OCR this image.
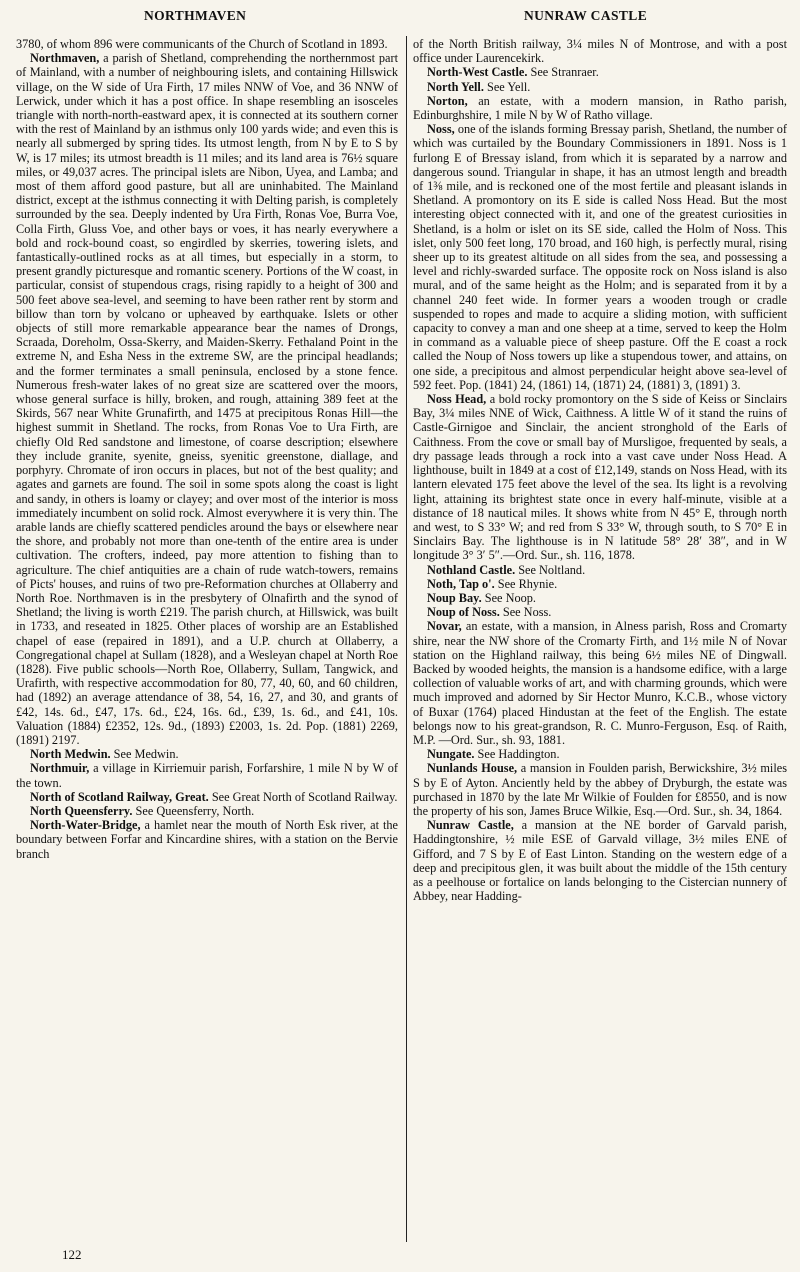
NORTHMAVEN	NUNRAW CASTLE

3780, of whom 896 were communicants of the Church of Scotland in 1893.

Northmaven, a parish of Shetland, comprehending the northernmost part of Mainland, with a number of neighbouring islets, and containing Hillswick village, on the W side of Ura Firth, 17 miles NNW of Voe, and 36 NNW of Lerwick, under which it has a post office. In shape resembling an isosceles triangle with north-north-eastward apex, it is connected at its southern corner with the rest of Mainland by an isthmus only 100 yards wide; and even this is nearly all submerged by spring tides. Its utmost length, from N by E to S by W, is 17 miles; its utmost breadth is 11 miles; and its land area is 76½ square miles, or 49,037 acres. The principal islets are Nibon, Uyea, and Lamba; and most of them afford good pasture, but all are uninhabited. The Mainland district, except at the isthmus connecting it with Delting parish, is completely surrounded by the sea. Deeply indented by Ura Firth, Ronas Voe, Burra Voe, Colla Firth, Gluss Voe, and other bays or voes, it has nearly everywhere a bold and rock-bound coast, so engirdled by skerries, towering islets, and fantastically-outlined rocks as at all times, but especially in a storm, to present grandly picturesque and romantic scenery. Portions of the W coast, in particular, consist of stupendous crags, rising rapidly to a height of 300 and 500 feet above sea-level, and seeming to have been rather rent by storm and billow than torn by volcano or upheaved by earthquake. Islets or other objects of still more remarkable appearance bear the names of Drongs, Scraada, Doreholm, Ossa-Skerry, and Maiden-Skerry. Fethaland Point in the extreme N, and Esha Ness in the extreme SW, are the principal headlands; and the former terminates a small peninsula, enclosed by a stone fence. Numerous fresh-water lakes of no great size are scattered over the moors, whose general surface is hilly, broken, and rough, attaining 389 feet at the Skirds, 567 near White Grunafirth, and 1475 at precipitous Ronas Hill—the highest summit in Shetland. The rocks, from Ronas Voe to Ura Firth, are chiefly Old Red sandstone and limestone, of coarse description; elsewhere they include granite, syenite, gneiss, syenitic greenstone, diallage, and porphyry. Chromate of iron occurs in places, but not of the best quality; and agates and garnets are found. The soil in some spots along the coast is light and sandy, in others is loamy or clayey; and over most of the interior is moss immediately incumbent on solid rock. Almost everywhere it is very thin. The arable lands are chiefly scattered pendicles around the bays or elsewhere near the shore, and probably not more than one-tenth of the entire area is under cultivation. The crofters, indeed, pay more attention to fishing than to agriculture. The chief antiquities are a chain of rude watch-towers, remains of Picts' houses, and ruins of two pre-Reformation churches at Ollaberry and North Roe. Northmaven is in the presbytery of Olnafirth and the synod of Shetland; the living is worth £219. The parish church, at Hillswick, was built in 1733, and reseated in 1825. Other places of worship are an Established chapel of ease (repaired in 1891), and a U.P. church at Ollaberry, a Congregational chapel at Sullam (1828), and a Wesleyan chapel at North Roe (1828). Five public schools—North Roe, Ollaberry, Sullam, Tangwick, and Urafirth, with respective accommodation for 80, 77, 40, 60, and 60 children, had (1892) an average attendance of 38, 54, 16, 27, and 30, and grants of £42, 14s. 6d., £47, 17s. 6d., £24, 16s. 6d., £39, 1s. 6d., and £41, 10s. Valuation (1884) £2352, 12s. 9d., (1893) £2003, 1s. 2d. Pop. (1881) 2269, (1891) 2197.

North Medwin. See Medwin.

Northmuir, a village in Kirriemuir parish, Forfarshire, 1 mile N by W of the town.

North of Scotland Railway, Great. See Great North of Scotland Railway.

North Queensferry. See Queensferry, North.

North-Water-Bridge, a hamlet near the mouth of North Esk river, at the boundary between Forfar and Kincardine shires, with a station on the Bervie branch

of the North British railway, 3¼ miles N of Montrose, and with a post office under Laurencekirk.

North-West Castle. See Stranraer.

North Yell. See Yell.

Norton, an estate, with a modern mansion, in Ratho parish, Edinburghshire, 1 mile N by W of Ratho village.

Noss, one of the islands forming Bressay parish, Shetland, the number of which was curtailed by the Boundary Commissioners in 1891. Noss is 1 furlong E of Bressay island, from which it is separated by a narrow and dangerous sound. Triangular in shape, it has an utmost length and breadth of 1⅜ mile, and is reckoned one of the most fertile and pleasant islands in Shetland. A promontory on its E side is called Noss Head. But the most interesting object connected with it, and one of the greatest curiosities in Shetland, is a holm or islet on its SE side, called the Holm of Noss. This islet, only 500 feet long, 170 broad, and 160 high, is perfectly mural, rising sheer up to its greatest altitude on all sides from the sea, and possessing a level and richly-swarded surface. The opposite rock on Noss island is also mural, and of the same height as the Holm; and is separated from it by a channel 240 feet wide. In former years a wooden trough or cradle suspended to ropes and made to acquire a sliding motion, with sufficient capacity to convey a man and one sheep at a time, served to keep the Holm in command as a valuable piece of sheep pasture. Off the E coast a rock called the Noup of Noss towers up like a stupendous tower, and attains, on one side, a precipitous and almost perpendicular height above sea-level of 592 feet. Pop. (1841) 24, (1861) 14, (1871) 24, (1881) 3, (1891) 3.

Noss Head, a bold rocky promontory on the S side of Keiss or Sinclairs Bay, 3¼ miles NNE of Wick, Caithness. A little W of it stand the ruins of Castle-Girnigoe and Sinclair, the ancient stronghold of the Earls of Caithness. From the cove or small bay of Mursligoe, frequented by seals, a dry passage leads through a rock into a vast cave under Noss Head. A lighthouse, built in 1849 at a cost of £12,149, stands on Noss Head, with its lantern elevated 175 feet above the level of the sea. Its light is a revolving light, attaining its brightest state once in every half-minute, visible at a distance of 18 nautical miles. It shows white from N 45° E, through north and west, to S 33° W; and red from S 33° W, through south, to S 70° E in Sinclairs Bay. The lighthouse is in N latitude 58° 28′ 38″, and in W longitude 3° 3′ 5″.—Ord. Sur., sh. 116, 1878.

Nothland Castle. See Noltland.

Noth, Tap o'. See Rhynie.

Noup Bay. See Noop.

Noup of Noss. See Noss.

Novar, an estate, with a mansion, in Alness parish, Ross and Cromarty shire, near the NW shore of the Cromarty Firth, and 1½ mile N of Novar station on the Highland railway, this being 6½ miles NE of Dingwall. Backed by wooded heights, the mansion is a handsome edifice, with a large collection of valuable works of art, and with charming grounds, which were much improved and adorned by Sir Hector Munro, K.C.B., whose victory of Buxar (1764) placed Hindustan at the feet of the English. The estate belongs now to his great-grandson, R. C. Munro-Ferguson, Esq. of Raith, M.P. —Ord. Sur., sh. 93, 1881.

Nungate. See Haddington.

Nunlands House, a mansion in Foulden parish, Berwickshire, 3½ miles S by E of Ayton. Anciently held by the abbey of Dryburgh, the estate was purchased in 1870 by the late Mr Wilkie of Foulden for £8550, and is now the property of his son, James Bruce Wilkie, Esq.—Ord. Sur., sh. 34, 1864.

Nunraw Castle, a mansion at the NE border of Garvald parish, Haddingtonshire, ½ mile ESE of Garvald village, 3½ miles ENE of Gifford, and 7 S by E of East Linton. Standing on the western edge of a deep and precipitous glen, it was built about the middle of the 15th century as a peelhouse or fortalice on lands belonging to the Cistercian nunnery of Abbey, near Hadding-

122
